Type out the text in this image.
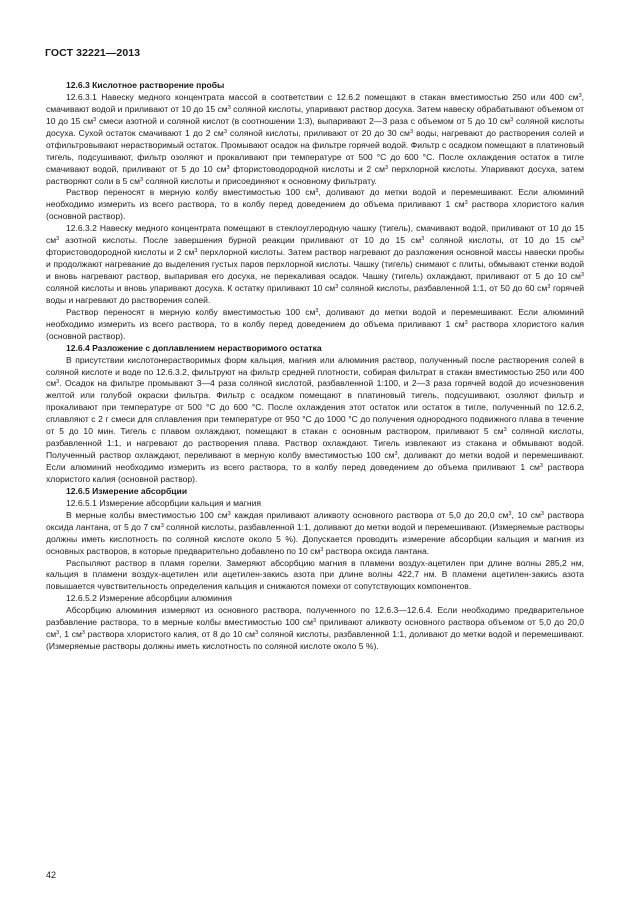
ГОСТ 32221—2013

12.6.3 Кислотное растворение пробы

12.6.3.1 Навеску медного концентрата массой в соответствии с 12.6.2 помещают в стакан вместимостью 250 или 400 $см^3$, смачивают водой и приливают от 10 до 15 $см^3$ соляной кислоты, упаривают раствор досуха. Затем навеску обрабатывают объемом от 10 до 15 $см^3$ смеси азотной и соляной кислот (в соотношении 1:3), выпаривают 2—3 раза с объемом от 5 до 10 $см^3$ соляной кислоты досуха. Сухой остаток смачивают 1 до 2 $см^3$ соляной кислоты, приливают от 20 до 30 $см^3$ воды, нагревают до растворения солей и отфильтровывают нерастворимый остаток. Промывают осадок на фильтре горячей водой. Фильтр с осадком помещают в платиновый тигель, подсушивают, фильтр озоляют и прокаливают при температуре от 500 °С до 600 °С. После охлаждения остаток в тигле смачивают водой, приливают от 5 до 10 $см^3$ фтористоводородной кислоты и 2 $см^3$ перхлорной кислоты. Упаривают досуха, затем растворяют соли в 5 $см^3$ соляной кислоты и присоединяют к основному фильтрату.

Раствор переносят в мерную колбу вместимостью 100 $см^3$, доливают до метки водой и перемешивают. Если алюминий необходимо измерить из всего раствора, то в колбу перед доведением до объема приливают 1 $см^3$ раствора хлористого калия (основной раствор).

12.6.3.2 Навеску медного концентрата помещают в стеклоуглеродную чашку (тигель), смачивают водой, приливают от 10 до 15 $см^3$ азотной кислоты. После завершения бурной реакции приливают от 10 до 15 $см^3$ соляной кислоты, от 10 до 15 $см^3$ фтористоводородной кислоты и 2 $см^3$ перхлорной кислоты. Затем раствор нагревают до разложения основной массы навески пробы и продолжают нагревание до выделения густых паров перхлорной кислоты. Чашку (тигель) снимают с плиты, обмывают стенки водой и вновь нагревают раствор, выпаривая его досуха, не перекаливая осадок. Чашку (тигель) охлаждают, приливают от 5 до 10 $см^3$ соляной кислоты и вновь упаривают досуха. К остатку приливают 10 $см^3$ соляной кислоты, разбавленной 1:1, от 50 до 60 $см^3$ горячей воды и нагревают до растворения солей.

Раствор переносят в мерную колбу вместимостью 100 $см^3$, доливают до метки водой и перемешивают. Если алюминий необходимо измерить из всего раствора, то в колбу перед доведением до объема приливают 1 $см^3$ раствора хлористого калия (основной раствор).

12.6.4 Разложение с доплавлением нерастворимого остатка

В присутствии кислотонерастворимых форм кальция, магния или алюминия раствор, полученный после растворения солей в соляной кислоте и воде по 12.6.3.2, фильтруют на фильтр средней плотности, собирая фильтрат в стакан вместимостью 250 или 400 $см^3$. Осадок на фильтре промывают 3—4 раза соляной кислотой, разбавленной 1:100, и 2—3 раза горячей водой до исчезновения желтой или голубой окраски фильтра. Фильтр с осадком помещают в платиновый тигель, подсушивают, озоляют фильтр и прокаливают при температуре от 500 °С до 600 °С. После охлаждения этот остаток или остаток в тигле, полученный по 12.6.2, сплавляют с 2 г смеси для сплавления при температуре от 950 °С до 1000 °С до получения однородного подвижного плава в течение от 5 до 10 мин. Тигель с плавом охлаждают, помещают в стакан с основным раствором, приливают 5 $см^3$ соляной кислоты, разбавленной 1:1, и нагревают до растворения плава. Раствор охлаждают. Тигель извлекают из стакана и обмывают водой. Полученный раствор охлаждают, переливают в мерную колбу вместимостью 100 $см^3$, доливают до метки водой и перемешивают. Если алюминий необходимо измерить из всего раствора, то в колбу перед доведением до объема приливают 1 $см^3$ раствора хлористого калия (основной раствор).

12.6.5 Измерение абсорбции

12.6.5.1 Измерение абсорбции кальция и магния

В мерные колбы вместимостью 100 $см^3$ каждая приливают аликвоту основного раствора от 5,0 до 20,0 $см^3$, 10 $см^3$ раствора оксида лантана, от 5 до 7 $см^3$ соляной кислоты, разбавленной 1:1, доливают до метки водой и перемешивают. (Измеряемые растворы должны иметь кислотность по соляной кислоте около 5 %). Допускается проводить измерение абсорбции кальция и магния из основных растворов, в которые предварительно добавлено по 10 $см^3$ раствора оксида лантана.

Распыляют раствор в пламя горелки. Замеряют абсорбцию магния в пламени воздух-ацетилен при длине волны 285,2 нм, кальция в пламени воздух-ацетилен или ацетилен-закись азота при длине волны 422,7 нм. В пламени ацетилен-закись азота повышается чувствительность определения кальция и снижаются помехи от сопутствующих компонентов.

12.6.5.2 Измерение абсорбции алюминия

Абсорбцию алюминия измеряют из основного раствора, полученного по 12.6.3—12.6.4. Если необходимо предварительное разбавление раствора, то в мерные колбы вместимостью 100 $см^3$ приливают аликвоту основного раствора объемом от 5,0 до 20,0 $см^3$, 1 $см^3$ раствора хлористого калия, от 8 до 10 $см^3$ соляной кислоты, разбавленной 1:1, доливают до метки водой и перемешивают. (Измеряемые растворы должны иметь кислотность по соляной кислоте около 5 %).

42
